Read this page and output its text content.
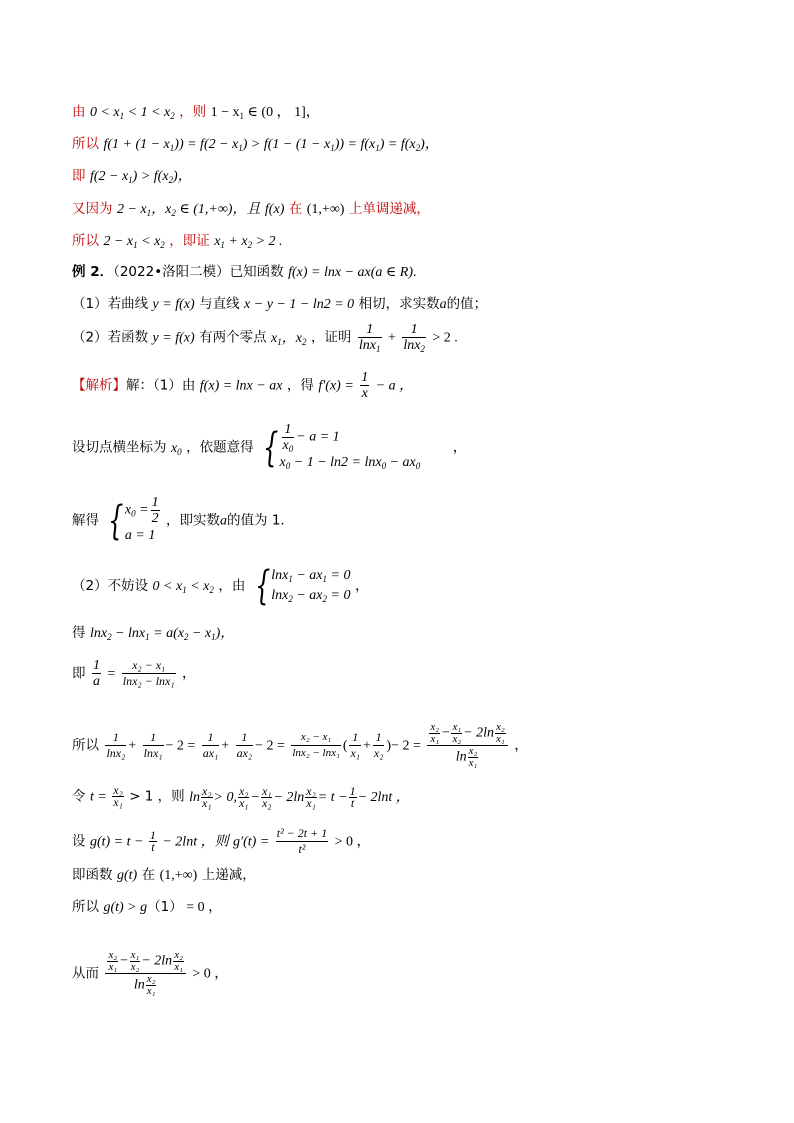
由 $0 < x_1 < 1 < x_2$ ，则 $1 - x_1$ ∈ (0 ， 1]，
所以 $f(1 + (1 - x_1)) = f(2 - x_1) > f(1 - (1 - x_1)) = f(x_1) = f(x_2)$，
即 $f(2 - x_1) > f(x_2)$，
又因为 $2 - x_1$，$x_2$ ∈ (1,+∞)，且 f(x) 在 (1,+∞) 上单调递减，
所以 $2 - x_1 < x_2$ ，即证 $x_1 + x_2 > 2$ .
例 2．（2022•洛阳二模）已知函数 f(x) = lnx − ax(a ∈ R).
（1）若曲线 y = f(x) 与直线 x − y − 1 − ln2 = 0 相切，求实数a的值；
（2）若函数 y = f(x) 有两个零点 $x_1$，$x_2$ ，证明 $\frac{1}{\ln x_1} + \frac{1}{\ln x_2} > 2$ .
【解析】解：（1）由 f(x) = lnx − ax ，得 $f'(x) = \frac{1}{x} - a$ ，
设切点横坐标为 $x_0$ ，依题意得 { $\frac{1}{x_0} - a = 1$
$x_0 - 1 - \ln 2 = \ln x_0 - ax_0$
，
解得 { $x_0 = \frac{1}{2}$
a = 1
，即实数a的值为 1．
（2）不妨设 $0 < x_1 < x_2$ ，由 { $\ln x_1 - ax_1 = 0$
$\ln x_2 - ax_2 = 0$
，
得 $\ln x_2 - \ln x_1 = a(x_2 - x_1)$，
即 $\frac{1}{a} = \frac{\text{x₂ − x₁}}{\text{lnx₂ − lnx₁}}$ ，
所以 $\frac{1}{\text{lnx₂}} + \frac{1}{\text{lnx₁}} - 2 = \frac{1}{\text{ax₁}} + \frac{1}{\text{ax₂}} - 2 = \frac{\text{x₂ − x₁}}{\text{lnx₂ − lnx₁}}$ ( $\frac{1}{\text{x₁}} + \frac{1}{\text{x₂}}$ )− $2 = \frac{\frac{\text{x₂}}{\text{x₁}} - \frac{\text{x₁}}{\text{x₂}} - 2\ln \frac{\text{x₂}}{\text{x₁}}}{\ln \frac{\text{x₂}}{\text{x₁}}}$ ，
令 $t = \frac{\text{x₂}}{\text{x₁}} > 1$ ，则 $\ln \frac{\text{x₂}}{\text{x₁}} > 0$, $\frac{\text{x₂}}{\text{x₁}} - \frac{\text{x₁}}{\text{x₂}} - 2\ln \frac{\text{x₂}}{\text{x₁}} = t - \frac{1}{t} - 2\ln t$ ，
设 $g(t) = t - \frac{1}{t} - 2\ln t$ ，则 $g'(t) = \frac{\text{t² − 2t + 1}}{\text{t²}} > 0$ ，
即函数 g(t) 在 (1,+∞) 上递减，
所以 g(t) > g（1） = 0 ，
从而 $\frac{\frac{\text{x₂}}{\text{x₁}} - \frac{\text{x₁}}{\text{x₂}} - 2\ln \frac{\text{x₂}}{\text{x₁}}}{\ln \frac{\text{x₂}}{\text{x₁}}} > 0$ ，
